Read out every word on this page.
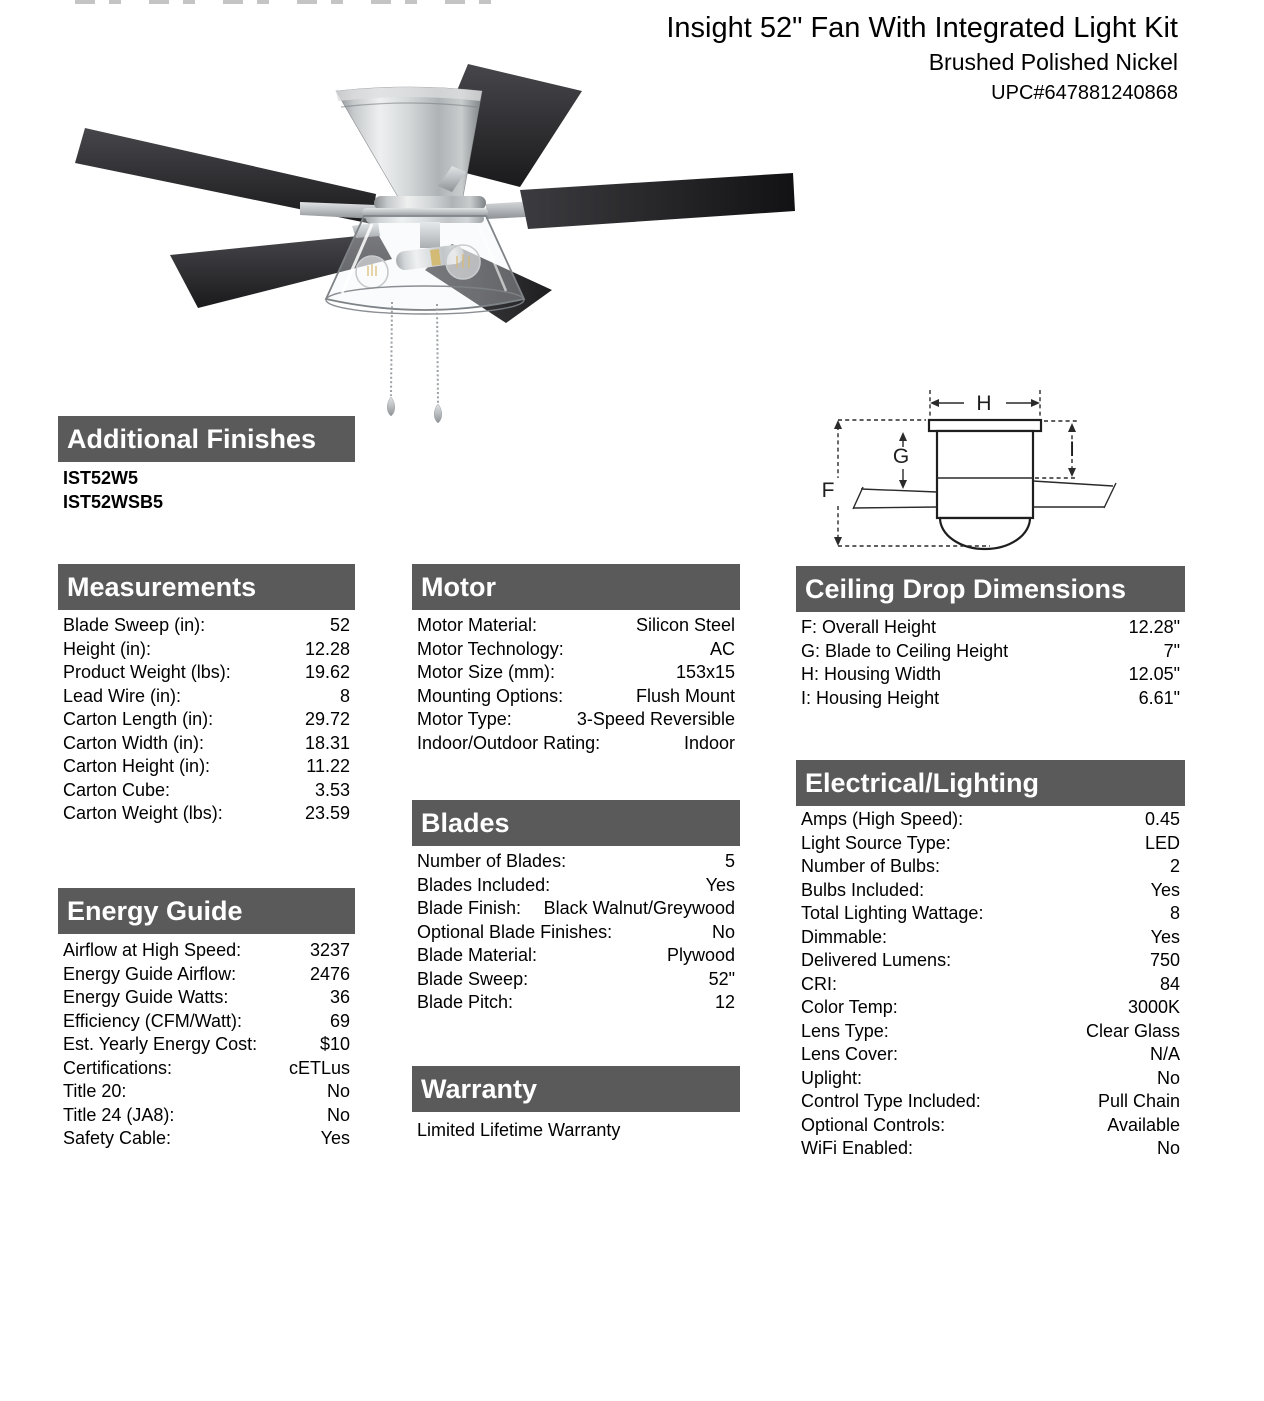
Insight 52" Fan With Integrated Light Kit
Brushed Polished Nickel
UPC#647881240868
H
F
G	I
Additional Finishes
IST52W5
IST52WSB5
Measurements
Blade Sweep (in):	52
Height (in):	12.28
Product Weight (lbs):	19.62
Lead Wire (in):	8
Carton Length (in):	29.72
Carton Width (in):	18.31
Carton Height (in):	11.22
Carton Cube:	3.53
Carton Weight (lbs):	23.59
Energy Guide
Airflow at High Speed:	3237
Energy Guide Airflow:	2476
Energy Guide Watts:	36
Efficiency (CFM/Watt):	69
Est. Yearly Energy Cost:	$10
Certifications:	cETLus
Title 20:	No
Title 24 (JA8):	No
Safety Cable:	Yes
Motor
Motor Material:	Silicon Steel
Motor Technology:	AC
Motor Size (mm):	153x15
Mounting Options:	Flush Mount
Motor Type:	3-Speed Reversible
Indoor/Outdoor Rating:	Indoor
Blades
Number of Blades:	5
Blades Included:	Yes
Blade Finish: Black Walnut/Greywood
Optional Blade Finishes:	No
Blade Material:	Plywood
Blade Sweep:	52"
Blade Pitch:	12
Warranty
Limited Lifetime Warranty
Ceiling Drop Dimensions
F: Overall Height	12.28"
G: Blade to Ceiling Height	7"
H: Housing Width	12.05"
I: Housing Height	6.61"
Electrical/Lighting
Amps (High Speed):	0.45
Light Source Type:	LED
Number of Bulbs:	2
Bulbs Included:	Yes
Total Lighting Wattage:	8
Dimmable:	Yes
Delivered Lumens:	750
CRI:	84
Color Temp:	3000K
Lens Type:	Clear Glass
Lens Cover:	N/A
Uplight:	No
Control Type Included:	Pull Chain
Optional Controls:	Available
WiFi Enabled:	No
